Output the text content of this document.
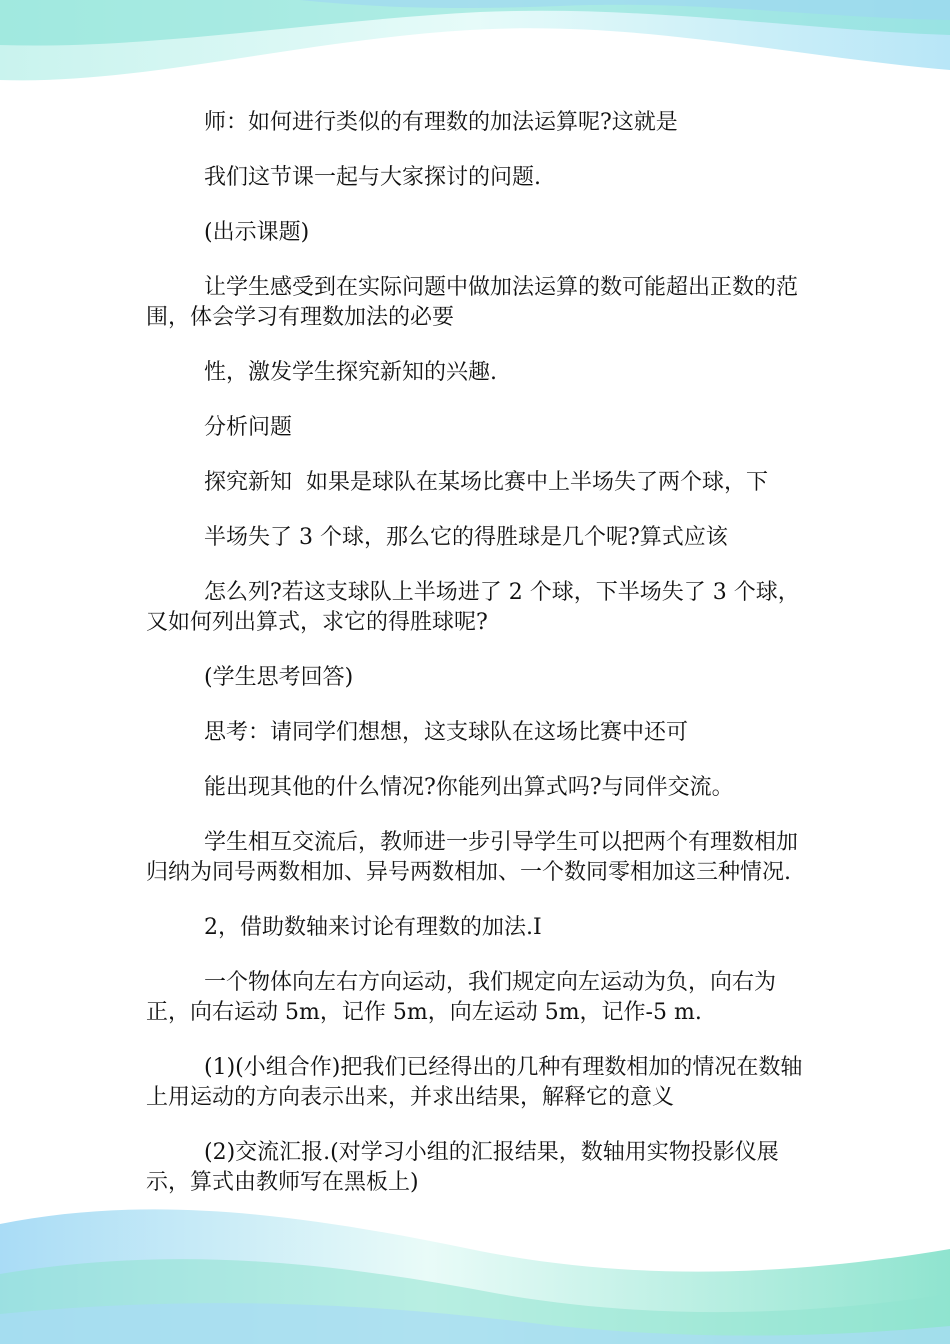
师：如何进行类似的有理数的加法运算呢?这就是

我们这节课一起与大家探讨的问题.

(出示课题)

让学生感受到在实际问题中做加法运算的数可能超出正数的范围，体会学习有理数加法的必要

性，激发学生探究新知的兴趣.

分析问题

探究新知  如果是球队在某场比赛中上半场失了两个球，下

半场失了 3 个球，那么它的得胜球是几个呢?算式应该

怎么列?若这支球队上半场进了 2 个球，下半场失了 3 个球，又如何列出算式，求它的得胜球呢?

(学生思考回答)

思考：请同学们想想，这支球队在这场比赛中还可

能出现其他的什么情况?你能列出算式吗?与同伴交流。

学生相互交流后，教师进一步引导学生可以把两个有理数相加归纳为同号两数相加、异号两数相加、一个数同零相加这三种情况.

2，借助数轴来讨论有理数的加法.I

一个物体向左右方向运动，我们规定向左运动为负，向右为正，向右运动 5m，记作 5m，向左运动 5m，记作-5 m.

(1)(小组合作)把我们已经得出的几种有理数相加的情况在数轴上用运动的方向表示出来，并求出结果，解释它的意义

(2)交流汇报.(对学习小组的汇报结果，数轴用实物投影仪展示，算式由教师写在黑板上)
